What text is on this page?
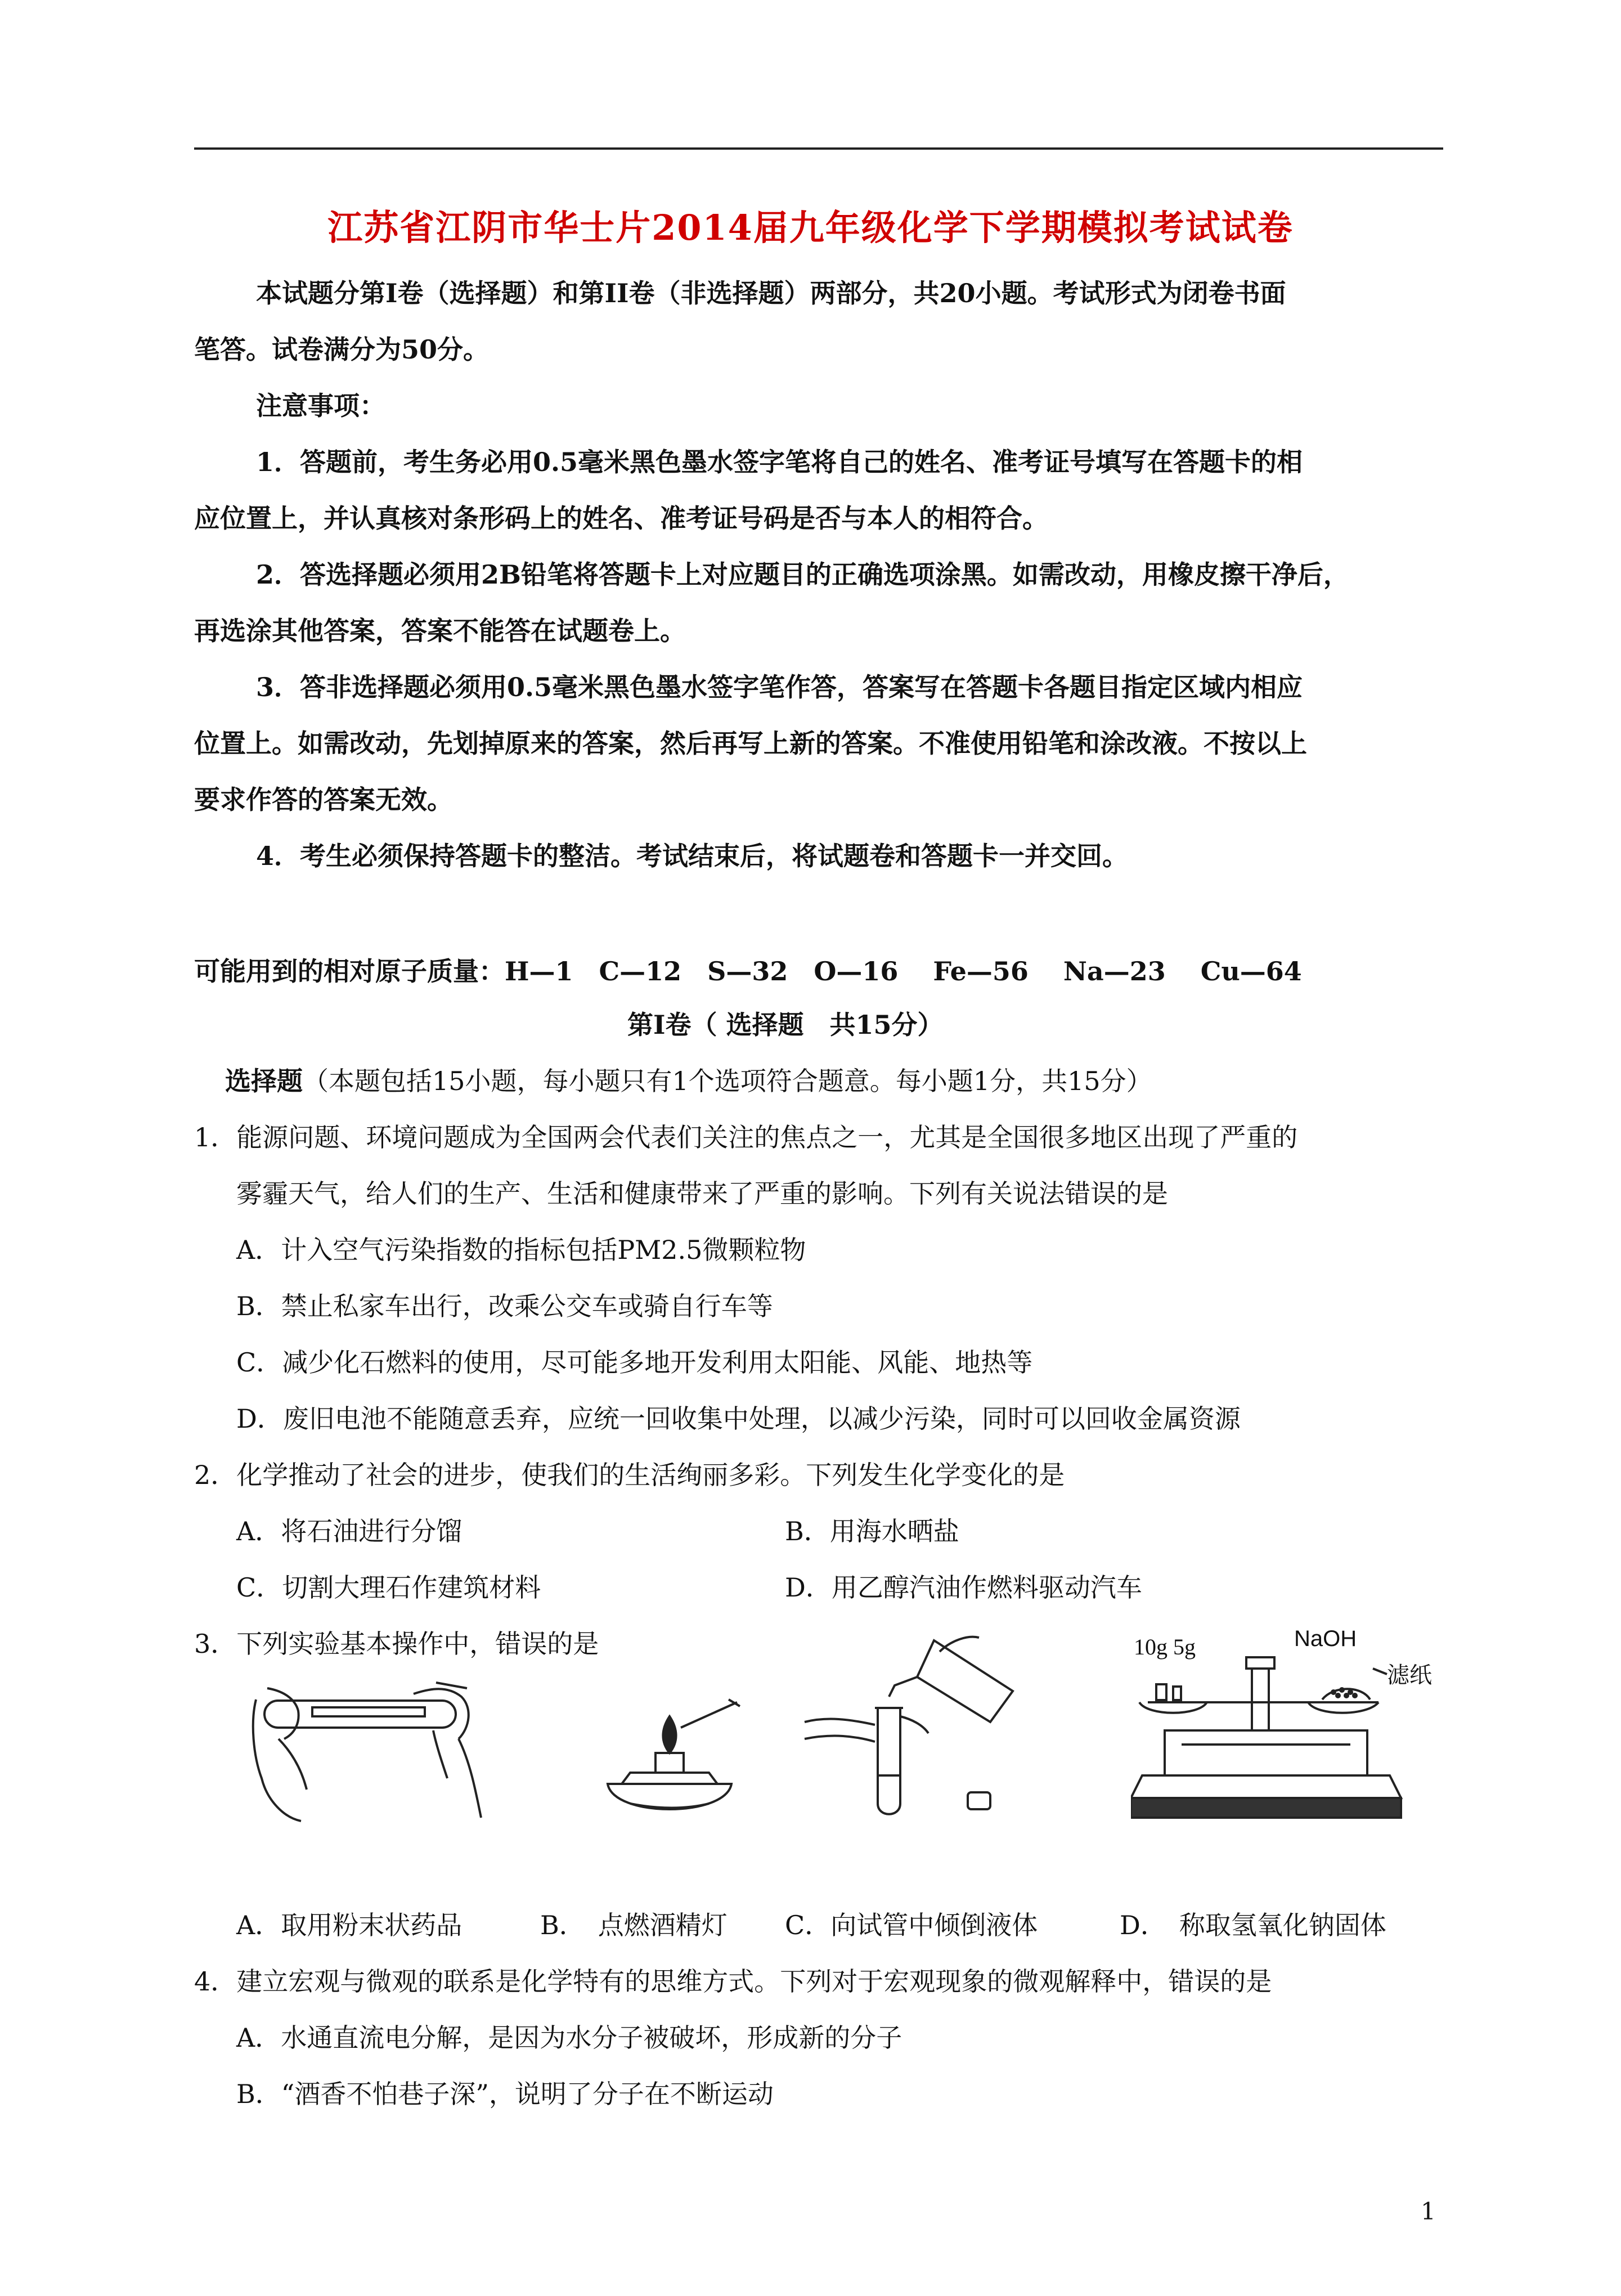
江苏省江阴市华士片2014届九年级化学下学期模拟考试试卷
本试题分第I卷（选择题）和第II卷（非选择题）两部分，共20小题。考试形式为闭卷书面
笔答。试卷满分为50分。
注意事项：
1．答题前，考生务必用0.5毫米黑色墨水签字笔将自己的姓名、准考证号填写在答题卡的相
应位置上，并认真核对条形码上的姓名、准考证号码是否与本人的相符合。
2．答选择题必须用2B铅笔将答题卡上对应题目的正确选项涂黑。如需改动，用橡皮擦干净后，
再选涂其他答案，答案不能答在试题卷上。
3．答非选择题必须用0.5毫米黑色墨水签字笔作答，答案写在答题卡各题目指定区域内相应
位置上。如需改动，先划掉原来的答案，然后再写上新的答案。不准使用铅笔和涂改液。不按以上
要求作答的答案无效。
4．考生必须保持答题卡的整洁。考试结束后，将试题卷和答题卡一并交回。
可能用到的相对原子质量：H—1　C—12　S—32　O—16　 Fe—56 　Na—23 　Cu—64
第I卷（ 选择题　共15分）
选择题（本题包括15小题，每小题只有1个选项符合题意。每小题1分，共15分）
1．能源问题、环境问题成为全国两会代表们关注的焦点之一，尤其是全国很多地区出现了严重的
雾霾天气，给人们的生产、生活和健康带来了严重的影响。下列有关说法错误的是
A．计入空气污染指数的指标包括PM2.5微颗粒物
B．禁止私家车出行，改乘公交车或骑自行车等
C．减少化石燃料的使用，尽可能多地开发利用太阳能、风能、地热等
D．废旧电池不能随意丢弃，应统一回收集中处理，以减少污染，同时可以回收金属资源
2．化学推动了社会的进步，使我们的生活绚丽多彩。下列发生化学变化的是
A．将石油进行分馏	B．用海水晒盐
C．切割大理石作建筑材料	D．用乙醇汽油作燃料驱动汽车
3．下列实验基本操作中，错误的是	10g 5g	NaOH
滤纸
A．取用粉末状药品	B．　点燃酒精灯 C．向试管中倾倒液体	D．　称取氢氧化钠固体
4．建立宏观与微观的联系是化学特有的思维方式。下列对于宏观现象的微观解释中，错误的是
A．水通直流电分解，是因为水分子被破坏，形成新的分子
B．“酒香不怕巷子深”，说明了分子在不断运动
1
